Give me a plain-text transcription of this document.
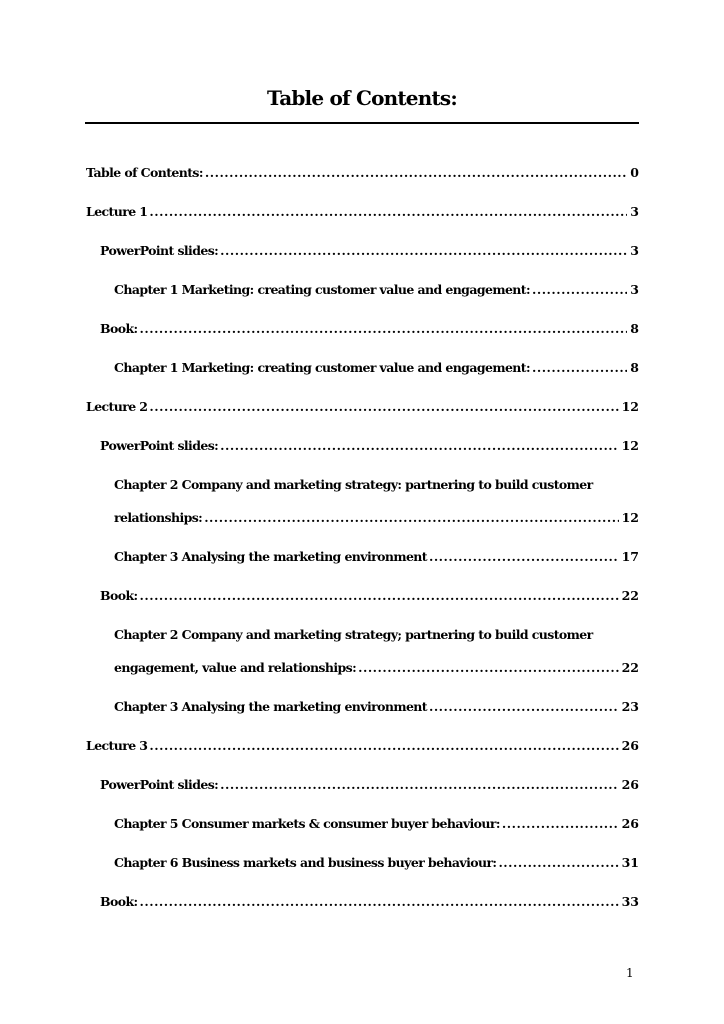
Table of Contents:
Table of Contents: .....	0
Lecture 1 .....	3
PowerPoint slides: .....	3
Chapter 1 Marketing: creating customer value and engagement: .....	3
Book: .....	8
Chapter 1 Marketing: creating customer value and engagement: .....	8
Lecture 2 .....	12
PowerPoint slides: .....	12
Chapter 2 Company and marketing strategy: partnering to build customer
relationships: .....	12
Chapter 3 Analysing the marketing environment .....	17
Book: .....	22
Chapter 2 Company and marketing strategy; partnering to build customer
engagement, value and relationships: .....	22
Chapter 3 Analysing the marketing environment .....	23
Lecture 3 .....	26
PowerPoint slides: .....	26
Chapter 5 Consumer markets & consumer buyer behaviour: .....	26
Chapter 6 Business markets and business buyer behaviour: .....	31
Book: .....	33
1
